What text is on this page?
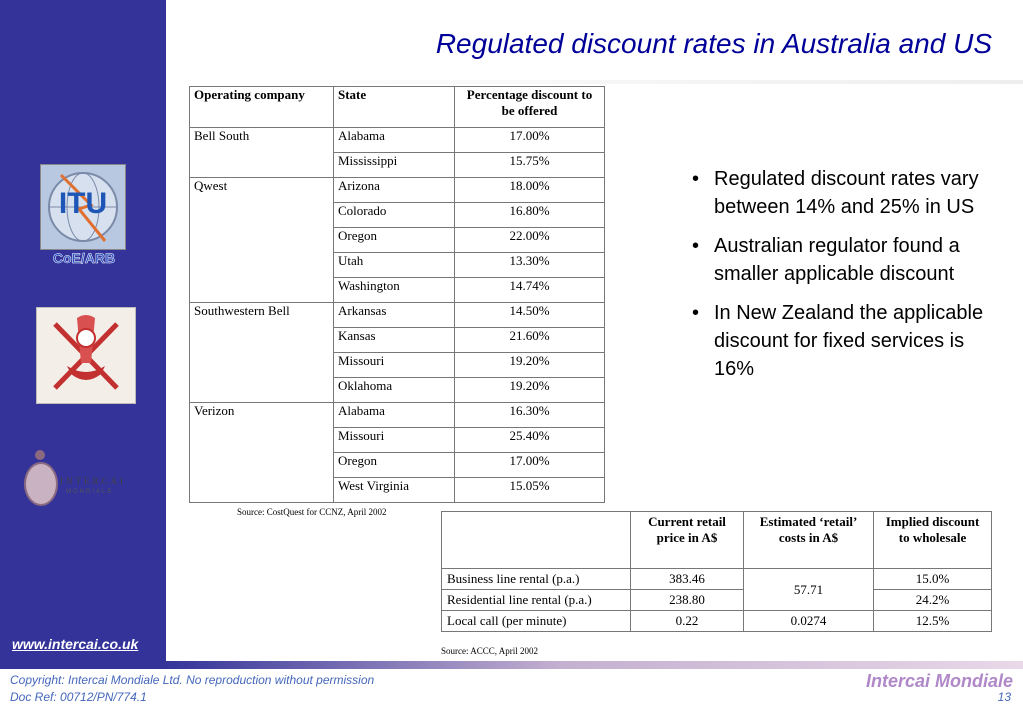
Regulated discount rates in Australia and US
ITU
CoE/ARB
INTERCAI
MONDIALE
www.intercai.co.uk
Operating company	State	Percentage discount to be offered
Bell South	Alabama	17.00%
	Mississippi	15.75%
Qwest	Arizona	18.00%
	Colorado	16.80%
	Oregon	22.00%
	Utah	13.30%
	Washington	14.74%
Southwestern Bell	Arkansas	14.50%
	Kansas	21.60%
	Missouri	19.20%
	Oklahoma	19.20%
Verizon	Alabama	16.30%
	Missouri	25.40%
	Oregon	17.00%
	West Virginia	15.05%
Source: CostQuest for CCNZ, April 2002
	Current retail price in A$	Estimated ‘retail’ costs in A$	Implied discount to wholesale
Business line rental (p.a.)	383.46	57.71	15.0%
Residential line rental (p.a.)	238.80		24.2%
Local call (per minute)	0.22	0.0274	12.5%
Source: ACCC, April 2002
• Regulated discount rates vary between 14% and 25% in US
• Australian regulator found a smaller applicable discount
• In New Zealand the applicable discount for fixed services is 16%
Copyright: Intercai Mondiale Ltd. No reproduction without permission
Doc Ref: 00712/PN/774.1
Intercai Mondiale
13
